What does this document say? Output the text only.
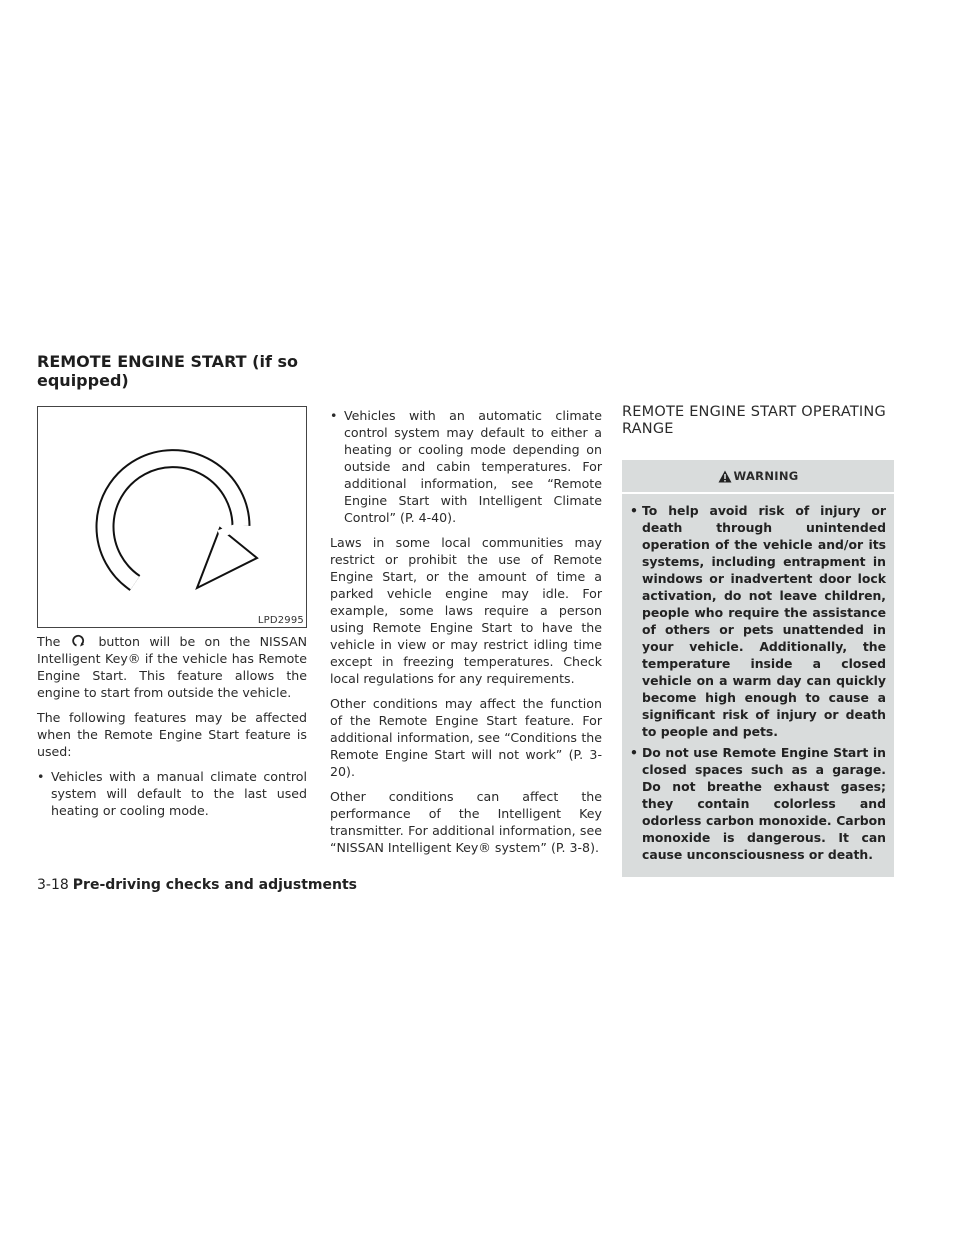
REMOTE ENGINE START (if so equipped)
LPD2995

The	button will be on the NISSAN Intelligent Key® if the vehicle has Remote Engine Start. This feature allows the engine to start from outside the vehicle.

The following features may be affected when the Remote Engine Start feature is used:

• Vehicles with a manual climate control system will default to the last used heating or cooling mode.
• Vehicles with an automatic climate control system may default to either a heating or cooling mode depending on outside and cabin temperatures. For additional information, see “Remote Engine Start with Intelligent Climate Control” (P. 4-40).

Laws in some local communities may restrict or prohibit the use of Remote Engine Start, or the amount of time a parked vehicle engine may idle. For example, some laws require a person using Remote Engine Start to have the vehicle in view or may restrict idling time except in freezing temperatures. Check local regulations for any requirements.

Other conditions may affect the function of the Remote Engine Start feature. For additional information, see “Conditions the Remote Engine Start will not work” (P. 3-20).

Other conditions can affect the performance of the Intelligent Key transmitter. For additional information, see “NISSAN Intelligent Key® system” (P. 3-8).

REMOTE ENGINE START OPERATING RANGE
WARNING
• To help avoid risk of injury or death through unintended operation of the vehicle and/or its systems, including entrapment in windows or inadvertent door lock activation, do not leave children, people who require the assistance of others or pets unattended in your vehicle. Additionally, the temperature inside a closed vehicle on a warm day can quickly become high enough to cause a significant risk of injury or death to people and pets.
• Do not use Remote Engine Start in closed spaces such as a garage. Do not breathe exhaust gases; they contain colorless and odorless carbon monoxide. Carbon monoxide is dangerous. It can cause unconsciousness or death.
3-18 Pre-driving checks and adjustments
